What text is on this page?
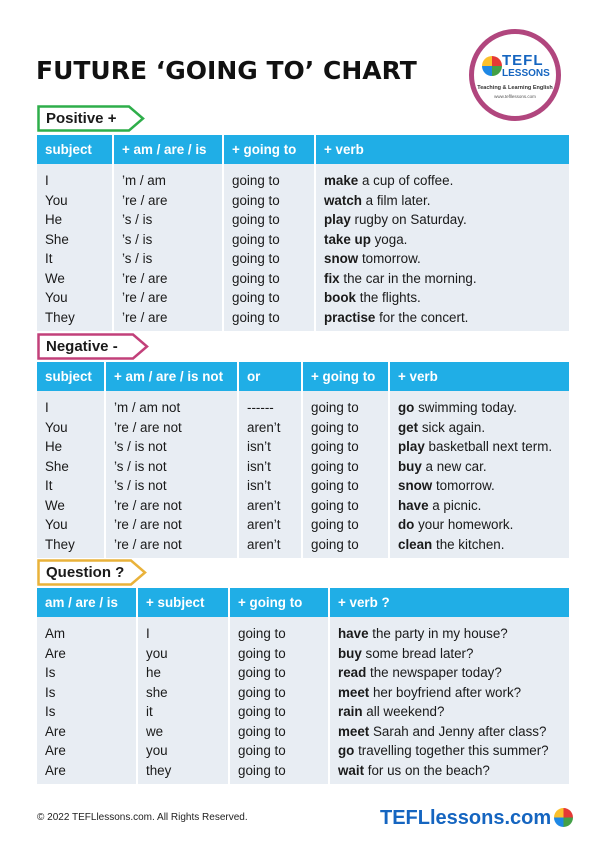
FUTURE ‘GOING TO’ CHART	TEFL
LESSONS
Teaching & Learning English
www.tefllessons.com
Positive +
subject	+ am / are / is	+ going to	+ verb
I	’m / am	going to	make a cup of coffee.
You	’re / are	going to	watch a film later.
He	’s / is	going to	play rugby on Saturday.
She	’s / is	going to	take up yoga.
It	’s / is	going to	snow tomorrow.
We	’re / are	going to	fix the car in the morning.
You	’re / are	going to	book the flights.
They	’re / are	going to	practise for the concert.
Negative -
subject	+ am / are / is not	or	+ going to	+ verb
I	’m / am not	------	going to	go swimming today.
You	’re / are not	aren’t	going to	get sick again.
He	’s / is not	isn’t	going to	play basketball next term.
She	’s / is not	isn’t	going to	buy a new car.
It	’s / is not	isn’t	going to	snow tomorrow.
We	’re / are not	aren’t	going to	have a picnic.
You	’re / are not	aren’t	going to	do your homework.
They	’re / are not	aren’t	going to	clean the kitchen.
Question ?
am / are / is	+ subject	+ going to	+ verb ?
Am	I	going to	have the party in my house?
Are	you	going to	buy some bread later?
Is	he	going to	read the newspaper today?
Is	she	going to	meet her boyfriend after work?
Is	it	going to	rain all weekend?
Are	we	going to	meet Sarah and Jenny after class?
Are	you	going to	go travelling together this summer?
Are	they	going to	wait for us on the beach?
© 2022 TEFLlessons.com. All Rights Reserved.	TEFLlessons.com
